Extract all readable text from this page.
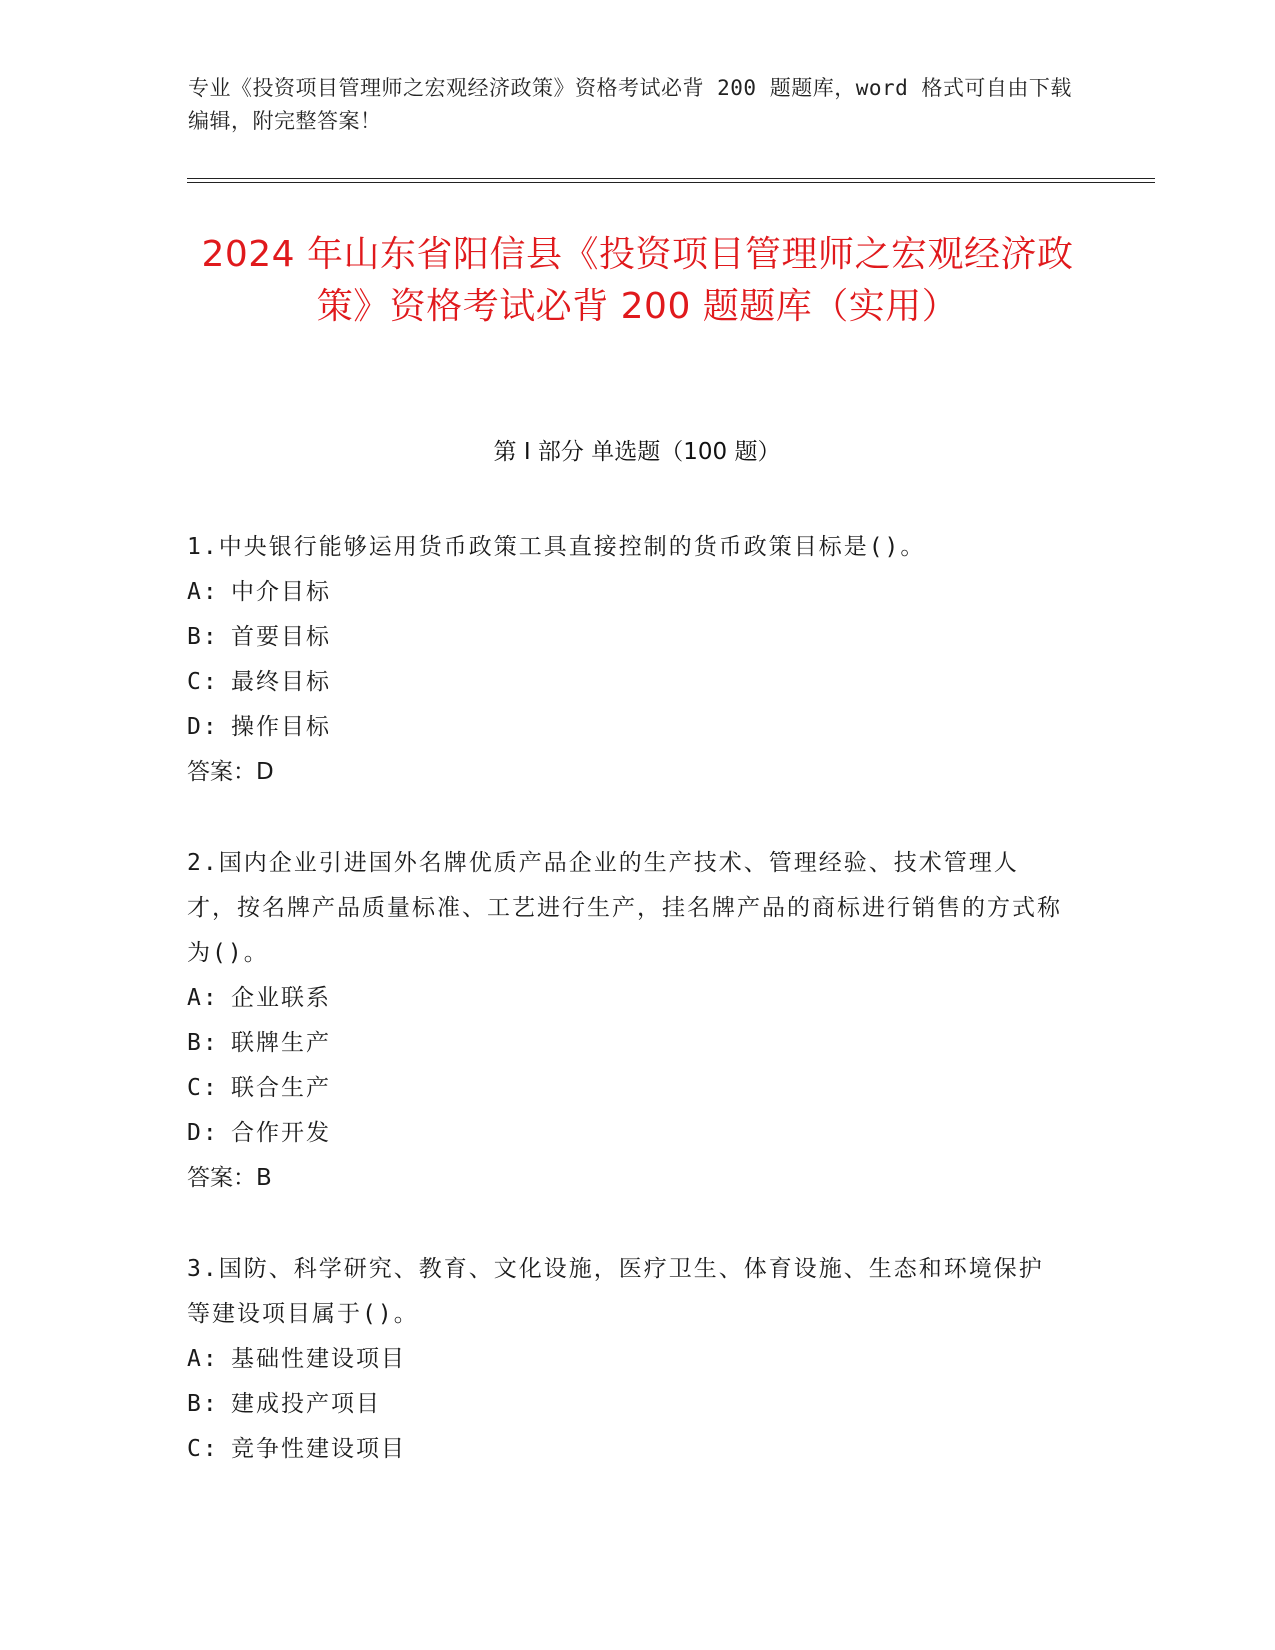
专业《投资项目管理师之宏观经济政策》资格考试必背 200 题题库，word 格式可自由下载编辑，附完整答案！
2024 年山东省阳信县《投资项目管理师之宏观经济政策》资格考试必背 200 题题库（实用）
第 I 部分 单选题（100 题）

1.中央银行能够运用货币政策工具直接控制的货币政策目标是()。

A: 中介目标
B: 首要目标
C: 最终目标
D: 操作目标
答案：D

2.国内企业引进国外名牌优质产品企业的生产技术、管理经验、技术管理人才，按名牌产品质量标准、工艺进行生产，挂名牌产品的商标进行销售的方式称为()。

A: 企业联系
B: 联牌生产
C: 联合生产
D: 合作开发
答案：B

3.国防、科学研究、教育、文化设施，医疗卫生、体育设施、生态和环境保护等建设项目属于()。

A: 基础性建设项目
B: 建成投产项目
C: 竞争性建设项目
